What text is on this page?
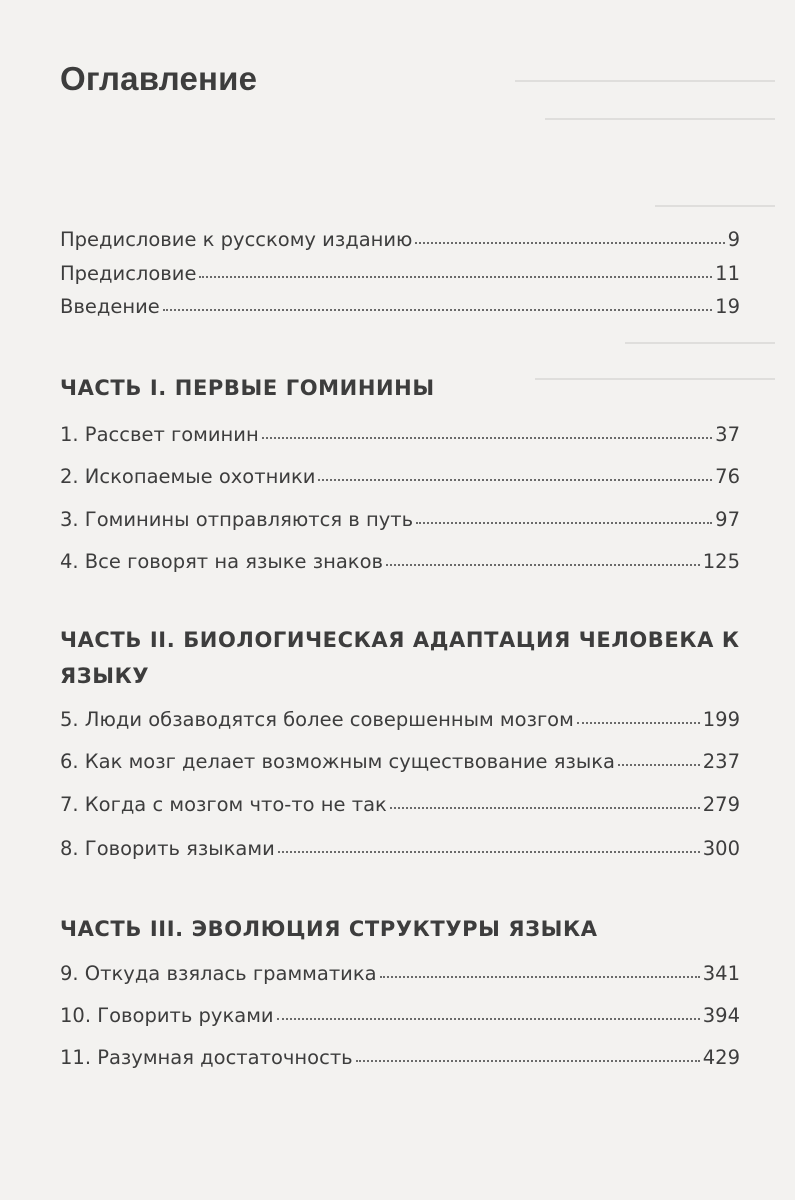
Оглавление
Предисловие к русскому изданию	9
Предисловие	11
Введение	19
ЧАСТЬ I. ПЕРВЫЕ ГОМИНИНЫ
1. Рассвет гоминин	37
2. Ископаемые охотники	76
3. Гоминины отправляются в путь	97
4. Все говорят на языке знаков	125
ЧАСТЬ II. БИОЛОГИЧЕСКАЯ АДАПТАЦИЯ ЧЕЛОВЕКА К ЯЗЫКУ
5. Люди обзаводятся более совершенным мозгом	199
6. Как мозг делает возможным существование языка	237
7. Когда с мозгом что-то не так	279
8. Говорить языками	300
ЧАСТЬ III. ЭВОЛЮЦИЯ СТРУКТУРЫ ЯЗЫКА
9. Откуда взялась грамматика	341
10. Говорить руками	394
11. Разумная достаточность	429
